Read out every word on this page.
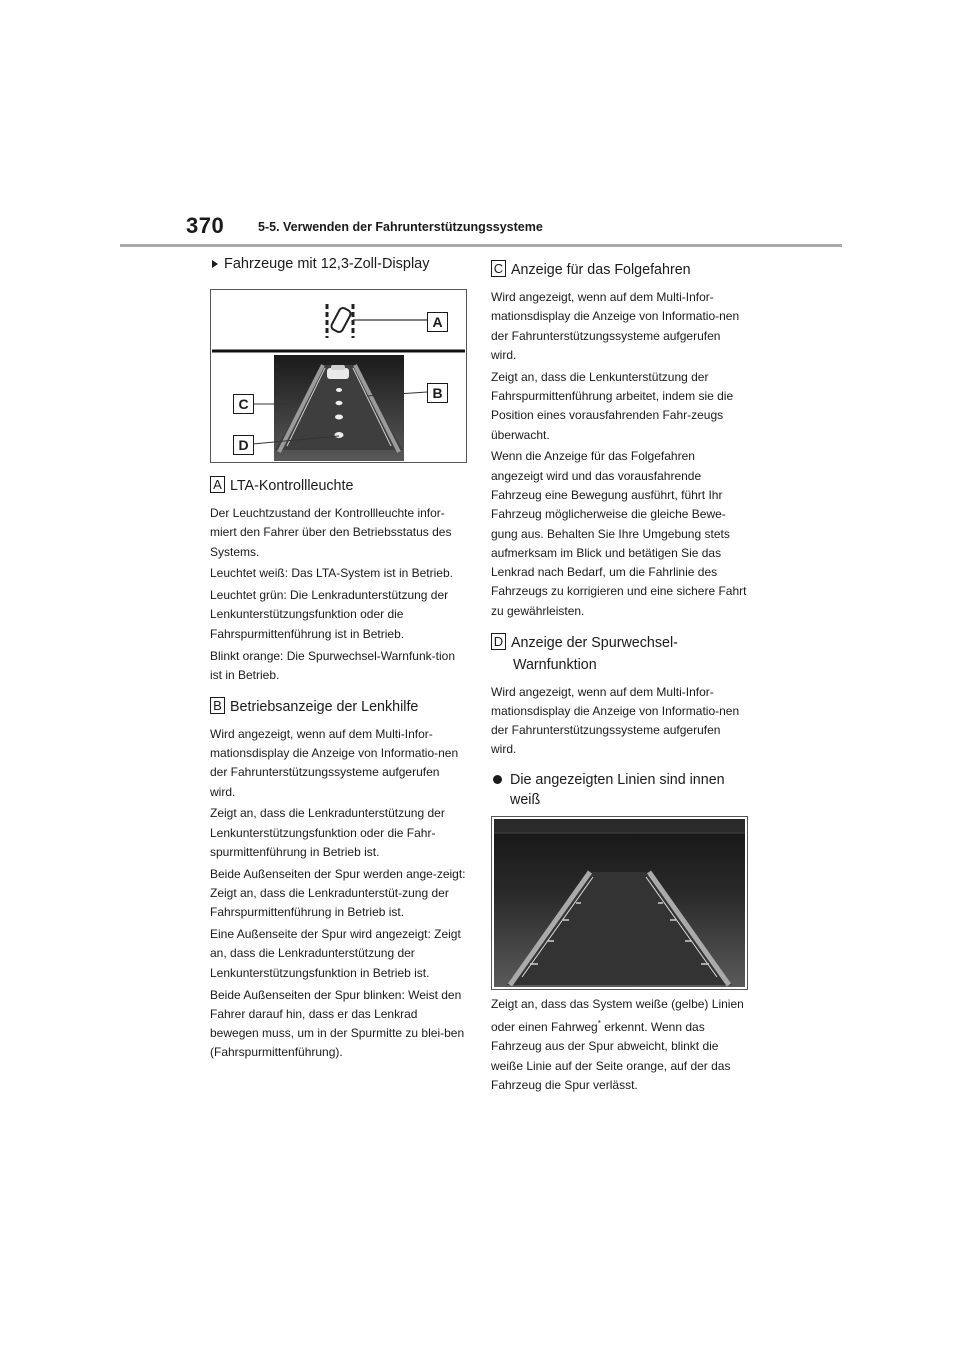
370	5-5. Verwenden der Fahrunterstützungssysteme
Fahrzeuge mit 12,3-Zoll-Display
A
B
C
D
A LTA-Kontrollleuchte

Der Leuchtzustand der Kontrollleuchte infor-miert den Fahrer über den Betriebsstatus des Systems.

Leuchtet weiß: Das LTA-System ist in Betrieb.

Leuchtet grün: Die Lenkradunterstützung der Lenkunterstützungsfunktion oder die Fahrspurmittenführung ist in Betrieb.

Blinkt orange: Die Spurwechsel-Warnfunk-tion ist in Betrieb.

B Betriebsanzeige der Lenkhilfe

Wird angezeigt, wenn auf dem Multi-Infor-mationsdisplay die Anzeige von Informatio-nen der Fahrunterstützungssysteme aufgerufen wird.

Zeigt an, dass die Lenkradunterstützung der Lenkunterstützungsfunktion oder die Fahr-spurmittenführung in Betrieb ist.

Beide Außenseiten der Spur werden ange-zeigt: Zeigt an, dass die Lenkradunterstüt-zung der Fahrspurmittenführung in Betrieb ist.

Eine Außenseite der Spur wird angezeigt: Zeigt an, dass die Lenkradunterstützung der Lenkunterstützungsfunktion in Betrieb ist.

Beide Außenseiten der Spur blinken: Weist den Fahrer darauf hin, dass er das Lenkrad bewegen muss, um in der Spurmitte zu blei-ben (Fahrspurmittenführung).

C Anzeige für das Folgefahren

Wird angezeigt, wenn auf dem Multi-Infor-mationsdisplay die Anzeige von Informatio-nen der Fahrunterstützungssysteme aufgerufen wird.

Zeigt an, dass die Lenkunterstützung der Fahrspurmittenführung arbeitet, indem sie die Position eines vorausfahrenden Fahr-zeugs überwacht.

Wenn die Anzeige für das Folgefahren angezeigt wird und das vorausfahrende Fahrzeug eine Bewegung ausführt, führt Ihr Fahrzeug möglicherweise die gleiche Bewe-gung aus. Behalten Sie Ihre Umgebung stets aufmerksam im Blick und betätigen Sie das Lenkrad nach Bedarf, um die Fahrlinie des Fahrzeugs zu korrigieren und eine sichere Fahrt zu gewährleisten.

D Anzeige der Spurwechsel-
Warnfunktion

Wird angezeigt, wenn auf dem Multi-Infor-mationsdisplay die Anzeige von Informatio-nen der Fahrunterstützungssysteme aufgerufen wird.

Die angezeigten Linien sind innen weiß

Zeigt an, dass das System weiße (gelbe) Linien oder einen Fahrweg* erkennt. Wenn das Fahrzeug aus der Spur abweicht, blinkt die weiße Linie auf der Seite orange, auf der das Fahrzeug die Spur verlässt.
